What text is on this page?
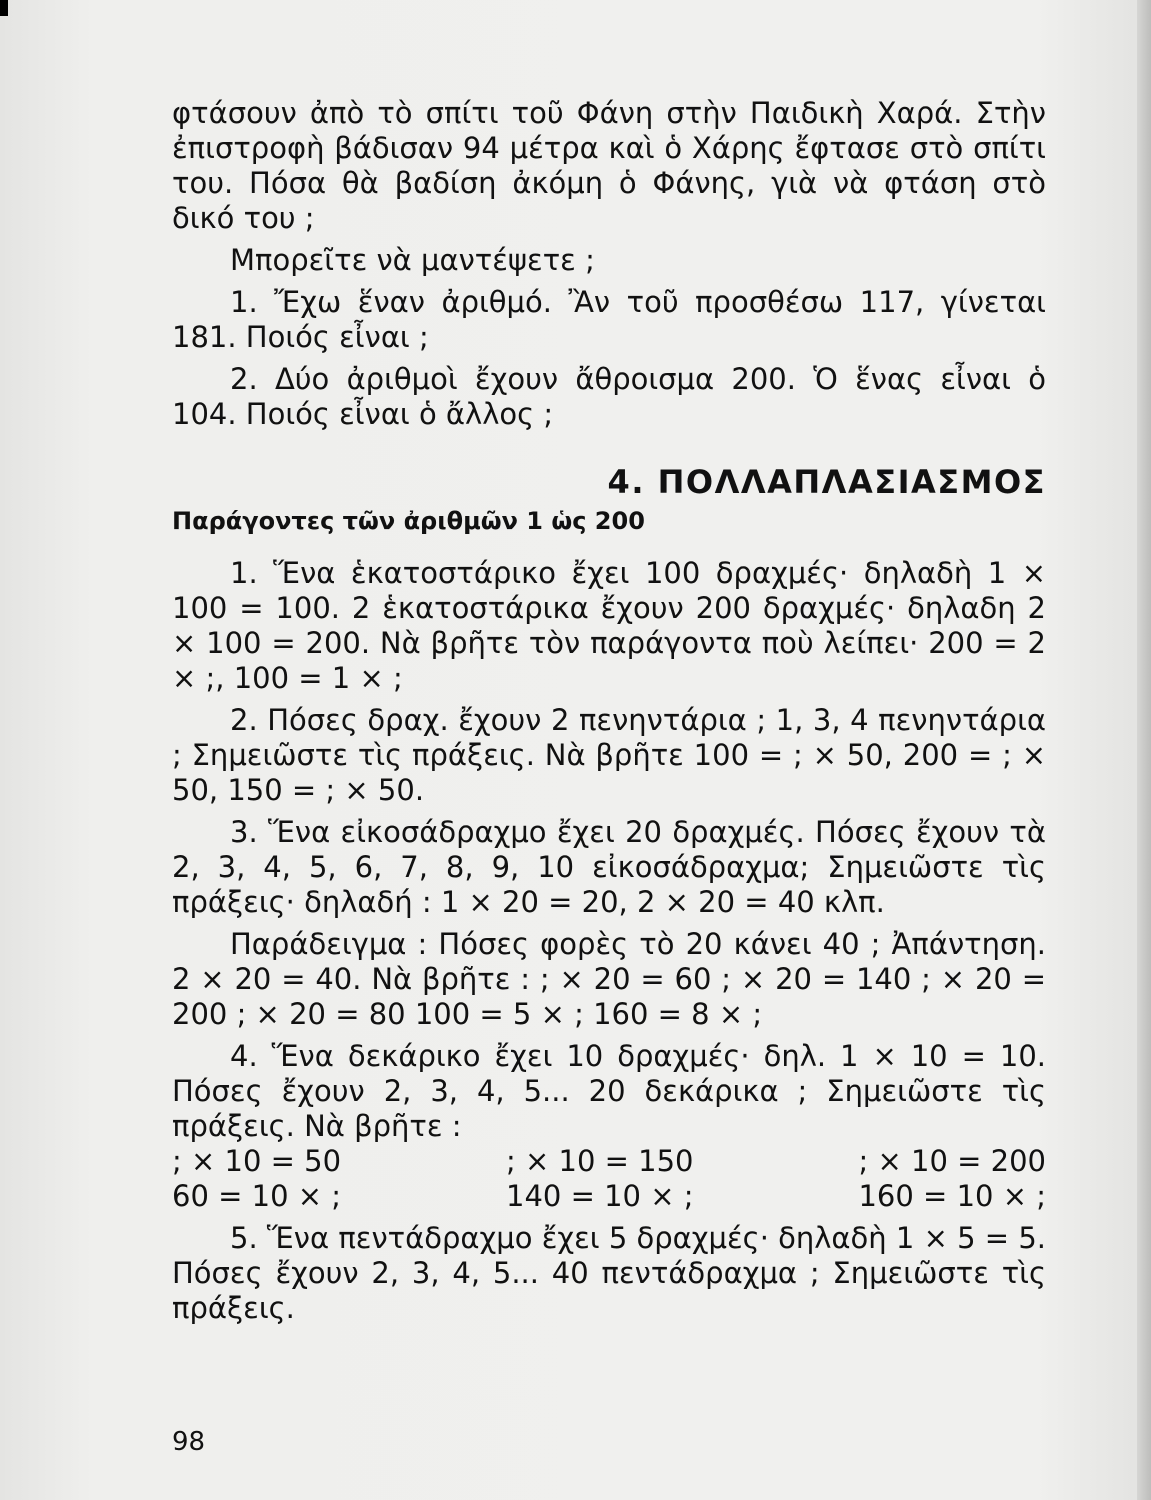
φτάσουν ἀπὸ τὸ σπίτι τοῦ Φάνη στὴν Παιδικὴ Χαρά. Στὴν ἐπιστροφὴ βάδισαν 94 μέτρα καὶ ὁ Χάρης ἔφτασε στὸ σπίτι του. Πόσα θὰ βαδίση ἀκόμη ὁ Φάνης, γιὰ νὰ φτάση στὸ δικό του ;

Μπορεῖτε νὰ μαντέψετε ;

1. Ἔχω ἕναν ἀριθμό. Ἂν τοῦ προσθέσω 117, γίνεται 181. Ποιός εἶναι ;

2. Δύο ἀριθμοὶ ἔχουν ἄθροισμα 200. Ὁ ἕνας εἶναι ὁ 104. Ποιός εἶναι ὁ ἄλλος ;

4. ΠΟΛΛΑΠΛΑΣΙΑΣΜΟΣ
Παράγοντες τῶν ἀριθμῶν 1 ὡς 200

1. Ἕνα ἑκατοστάρικο ἔχει 100 δραχμές· δηλαδὴ 1 × 100 = 100. 2 ἑκατοστάρικα ἔχουν 200 δραχμές· δηλαδη 2 × 100 = 200. Νὰ βρῆτε τὸν παράγοντα ποὺ λείπει· 200 = 2 × ;, 100 = 1 × ;

2. Πόσες δραχ. ἔχουν 2 πενηντάρια ; 1, 3, 4 πενηντάρια ; Σημειῶστε τὶς πράξεις. Νὰ βρῆτε 100 = ; × 50, 200 = ; × 50, 150 = ; × 50.

3. Ἕνα εἰκοσάδραχμο ἔχει 20 δραχμές. Πόσες ἔχουν τὰ 2, 3, 4, 5, 6, 7, 8, 9, 10 εἰκοσάδραχμα; Σημειῶστε τὶς πράξεις· δηλαδή : 1 × 20 = 20, 2 × 20 = 40 κλπ.

Παράδειγμα : Πόσες φορὲς τὸ 20 κάνει 40 ; Ἀπάντηση. 2 × 20 = 40. Νὰ βρῆτε : ; × 20 = 60 ; × 20 = 140 ; × 20 = 200 ; × 20 = 80 100 = 5 × ; 160 = 8 × ;

4. Ἕνα δεκάρικο ἔχει 10 δραχμές· δηλ. 1 × 10 = 10. Πόσες ἔχουν 2, 3, 4, 5... 20 δεκάρικα ; Σημειῶστε τὶς πράξεις. Νὰ βρῆτε :

; × 10 = 50	; × 10 = 150	; × 10 = 200
60 = 10 × ;	140 = 10 × ;	160 = 10 × ;

5. Ἕνα πεντάδραχμο ἔχει 5 δραχμές· δηλαδὴ 1 × 5 = 5. Πόσες ἔχουν 2, 3, 4, 5... 40 πεντάδραχμα ; Σημειῶστε τὶς πράξεις.

98
